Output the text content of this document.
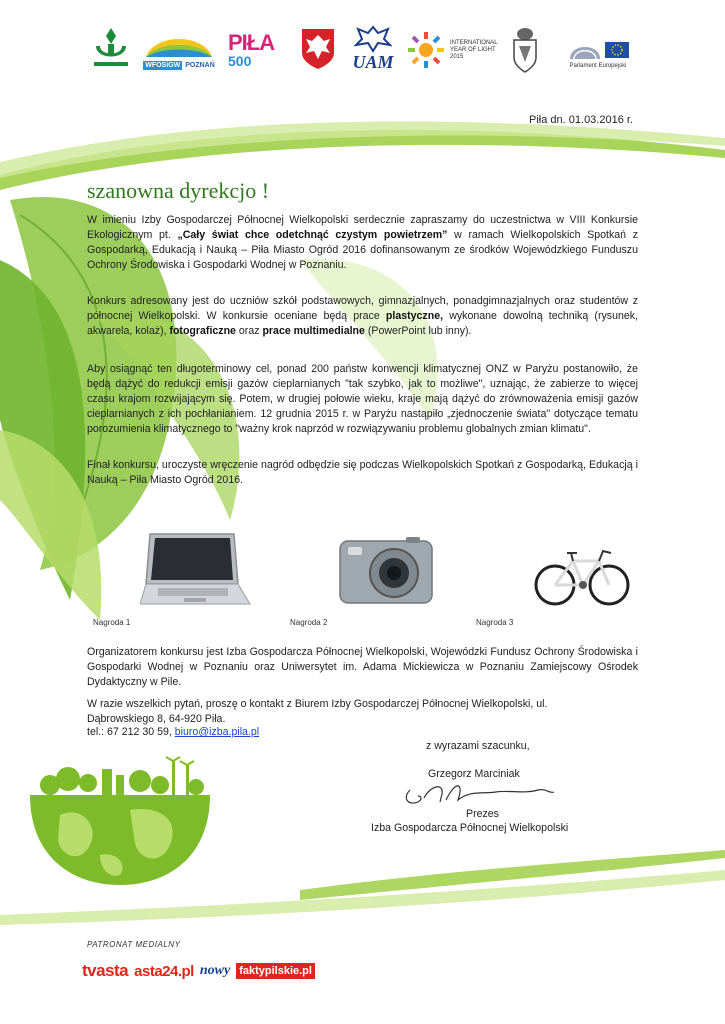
WFOŚiGW POZNAŃ
PIŁA
500	UAM
INTERNATIONAL YEAR OF LIGHT 2015
Parlament Europejski
Piła dn. 01.03.2016 r.
szanowna dyrekcjo !
W imieniu Izby Gospodarczej Północnej Wielkopolski serdecznie zapraszamy do uczestnictwa w VIII Konkursie Ekologicznym pt. „Cały świat chce odetchnąć czystym powietrzem” w ramach Wielkopolskich Spotkań z Gospodarką, Edukacją i Nauką – Piła Miasto Ogród 2016 dofinansowanym ze środków Wojewódzkiego Funduszu Ochrony Środowiska i Gospodarki Wodnej w Poznaniu.
Konkurs adresowany jest do uczniów szkół podstawowych, gimnazjalnych, ponadgimnazjalnych oraz studentów z północnej Wielkopolski. W konkursie oceniane będą prace plastyczne, wykonane dowolną techniką (rysunek, akwarela, kolaż), fotograficzne oraz prace multimedialne (PowerPoint lub inny).
Aby osiągnąć ten długoterminowy cel, ponad 200 państw konwencji klimatycznej ONZ w Paryżu postanowiło, że będą dążyć do redukcji emisji gazów cieplarnianych "tak szybko, jak to możliwe", uznając, że zabierze to więcej czasu krajom rozwijającym się. Potem, w drugiej połowie wieku, kraje mają dążyć do zrównoważenia emisji gazów cieplarnianych z ich pochłanianiem. 12 grudnia 2015 r. w Paryżu nastąpiło „zjednoczenie świata" dotyczące tematu porozumienia klimatycznego to "ważny krok naprzód w rozwiązywaniu problemu globalnych zmian klimatu".
Finał konkursu, uroczyste wręczenie nagród odbędzie się podczas Wielkopolskich Spotkań z Gospodarką, Edukacją i Nauką – Piła Miasto Ogród 2016.
Nagroda 1	Nagroda 2	Nagroda 3
Organizatorem konkursu jest Izba Gospodarcza Północnej Wielkopolski, Wojewódzki Fundusz Ochrony Środowiska i Gospodarki Wodnej w Poznaniu oraz Uniwersytet im. Adama Mickiewicza w Poznaniu Zamiejscowy Ośrodek Dydaktyczny w Pile.
W razie wszelkich pytań, proszę o kontakt z Biurem Izby Gospodarczej Północnej Wielkopolski, ul. Dąbrowskiego 8, 64-920 Piła.
tel.: 67 212 30 59, biuro@izba.pila.pl
z wyrazami szacunku,
Grzegorz Marciniak
Prezes
Izba Gospodarcza Północnej Wielkopolski
PATRONAT MEDIALNY
tvasta asta24.pl nowy faktypilskie.pl
